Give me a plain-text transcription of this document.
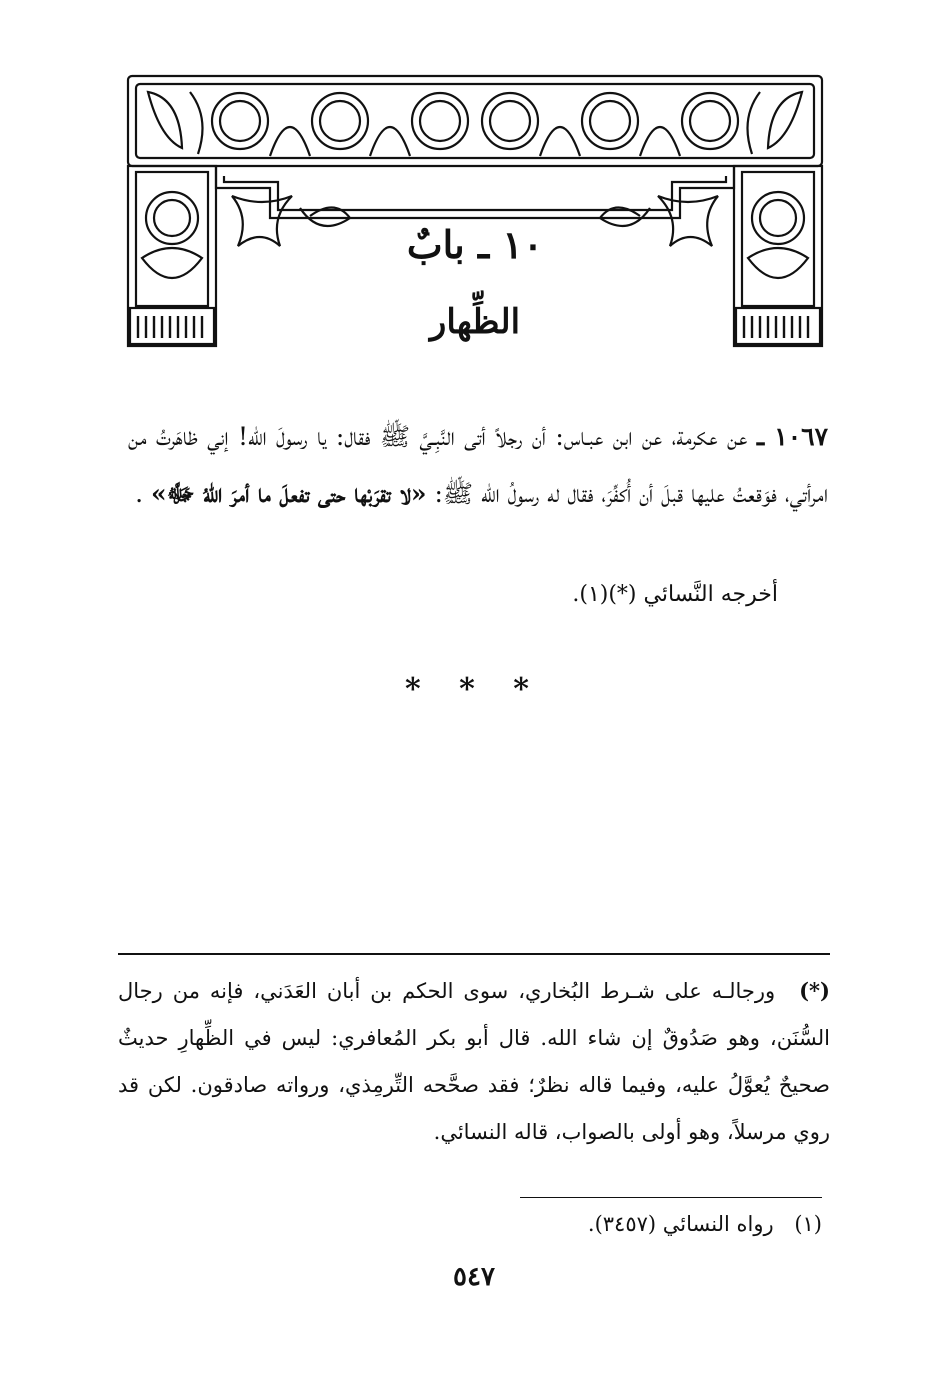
١٠ ـ بابٌ
الظِّهار
١٠٦٧ ـ عن عكرمة، عن ابن عبـاس: أن رجلاً أتى النَّبِـيَّ ﷺ فقال: يا رسولَ الله! إني ظاهَرتُ من امرأتي، فوَقعتُ عليها قبلَ أن أُكفِّرَ، فقال له رسولُ الله ﷺ: «لا تقرَبْها حتى تفعلَ ما أمرَ اللهُ ﷻ» .
أخرجه النَّسائي (*)(١).
* * *
(*) ورجالـه على شـرط البُخاري، سوى الحكم بن أبان العَدَني، فإنه من رجال السُّنَن، وهو صَدُوقٌ إن شاء الله. قال أبو بكر المُعافري: ليس في الظِّهارِ حديثٌ صحيحٌ يُعوَّلُ عليه، وفيما قاله نظرٌ؛ فقد صحَّحه التِّرمِذي، ورواته صادقون. لكن قد روي مرسلاً، وهو أولى بالصواب، قاله النسائي.
(١) رواه النسائي (٣٤٥٧).
٥٤٧
